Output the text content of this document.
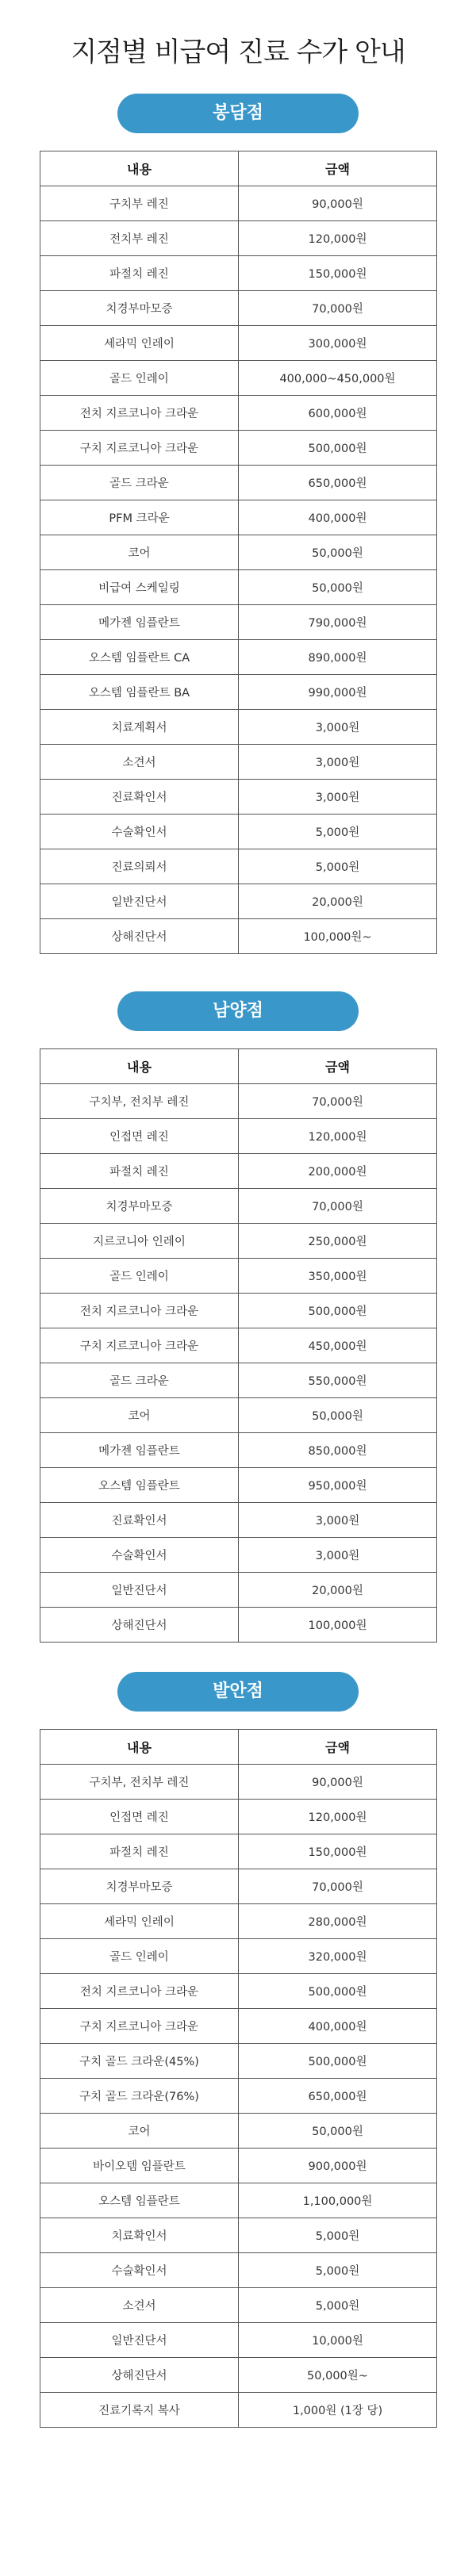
지점별 비급여 진료 수가 안내
봉담점
내용	금액
구치부 레진	90,000원
전치부 레진	120,000원
파절치 레진	150,000원
치경부마모증	70,000원
세라믹 인레이	300,000원
골드 인레이	400,000~450,000원
전치 지르코니아 크라운	600,000원
구치 지르코니아 크라운	500,000원
골드 크라운	650,000원
PFM 크라운	400,000원
코어	50,000원
비급여 스케일링	50,000원
메가젠 임플란트	790,000원
오스템 임플란트 CA	890,000원
오스템 임플란트 BA	990,000원
치료계획서	3,000원
소견서	3,000원
진료확인서	3,000원
수술확인서	5,000원
진료의뢰서	5,000원
일반진단서	20,000원
상해진단서	100,000원~
남양점
내용	금액
구치부, 전치부 레진	70,000원
인접면 레진	120,000원
파절치 레진	200,000원
치경부마모증	70,000원
지르코니아 인레이	250,000원
골드 인레이	350,000원
전치 지르코니아 크라운	500,000원
구치 지르코니아 크라운	450,000원
골드 크라운	550,000원
코어	50,000원
메가젠 임플란트	850,000원
오스템 임플란트	950,000원
진료확인서	3,000원
수술확인서	3,000원
일반진단서	20,000원
상해진단서	100,000원
발안점
내용	금액
구치부, 전치부 레진	90,000원
인접면 레진	120,000원
파절치 레진	150,000원
치경부마모증	70,000원
세라믹 인레이	280,000원
골드 인레이	320,000원
전치 지르코니아 크라운	500,000원
구치 지르코니아 크라운	400,000원
구치 골드 크라운(45%)	500,000원
구치 골드 크라운(76%)	650,000원
코어	50,000원
바이오템 임플란트	900,000원
오스템 임플란트	1,100,000원
치료확인서	5,000원
수술확인서	5,000원
소견서	5,000원
일반진단서	10,000원
상해진단서	50,000원~
진료기록지 복사	1,000원 (1장 당)
